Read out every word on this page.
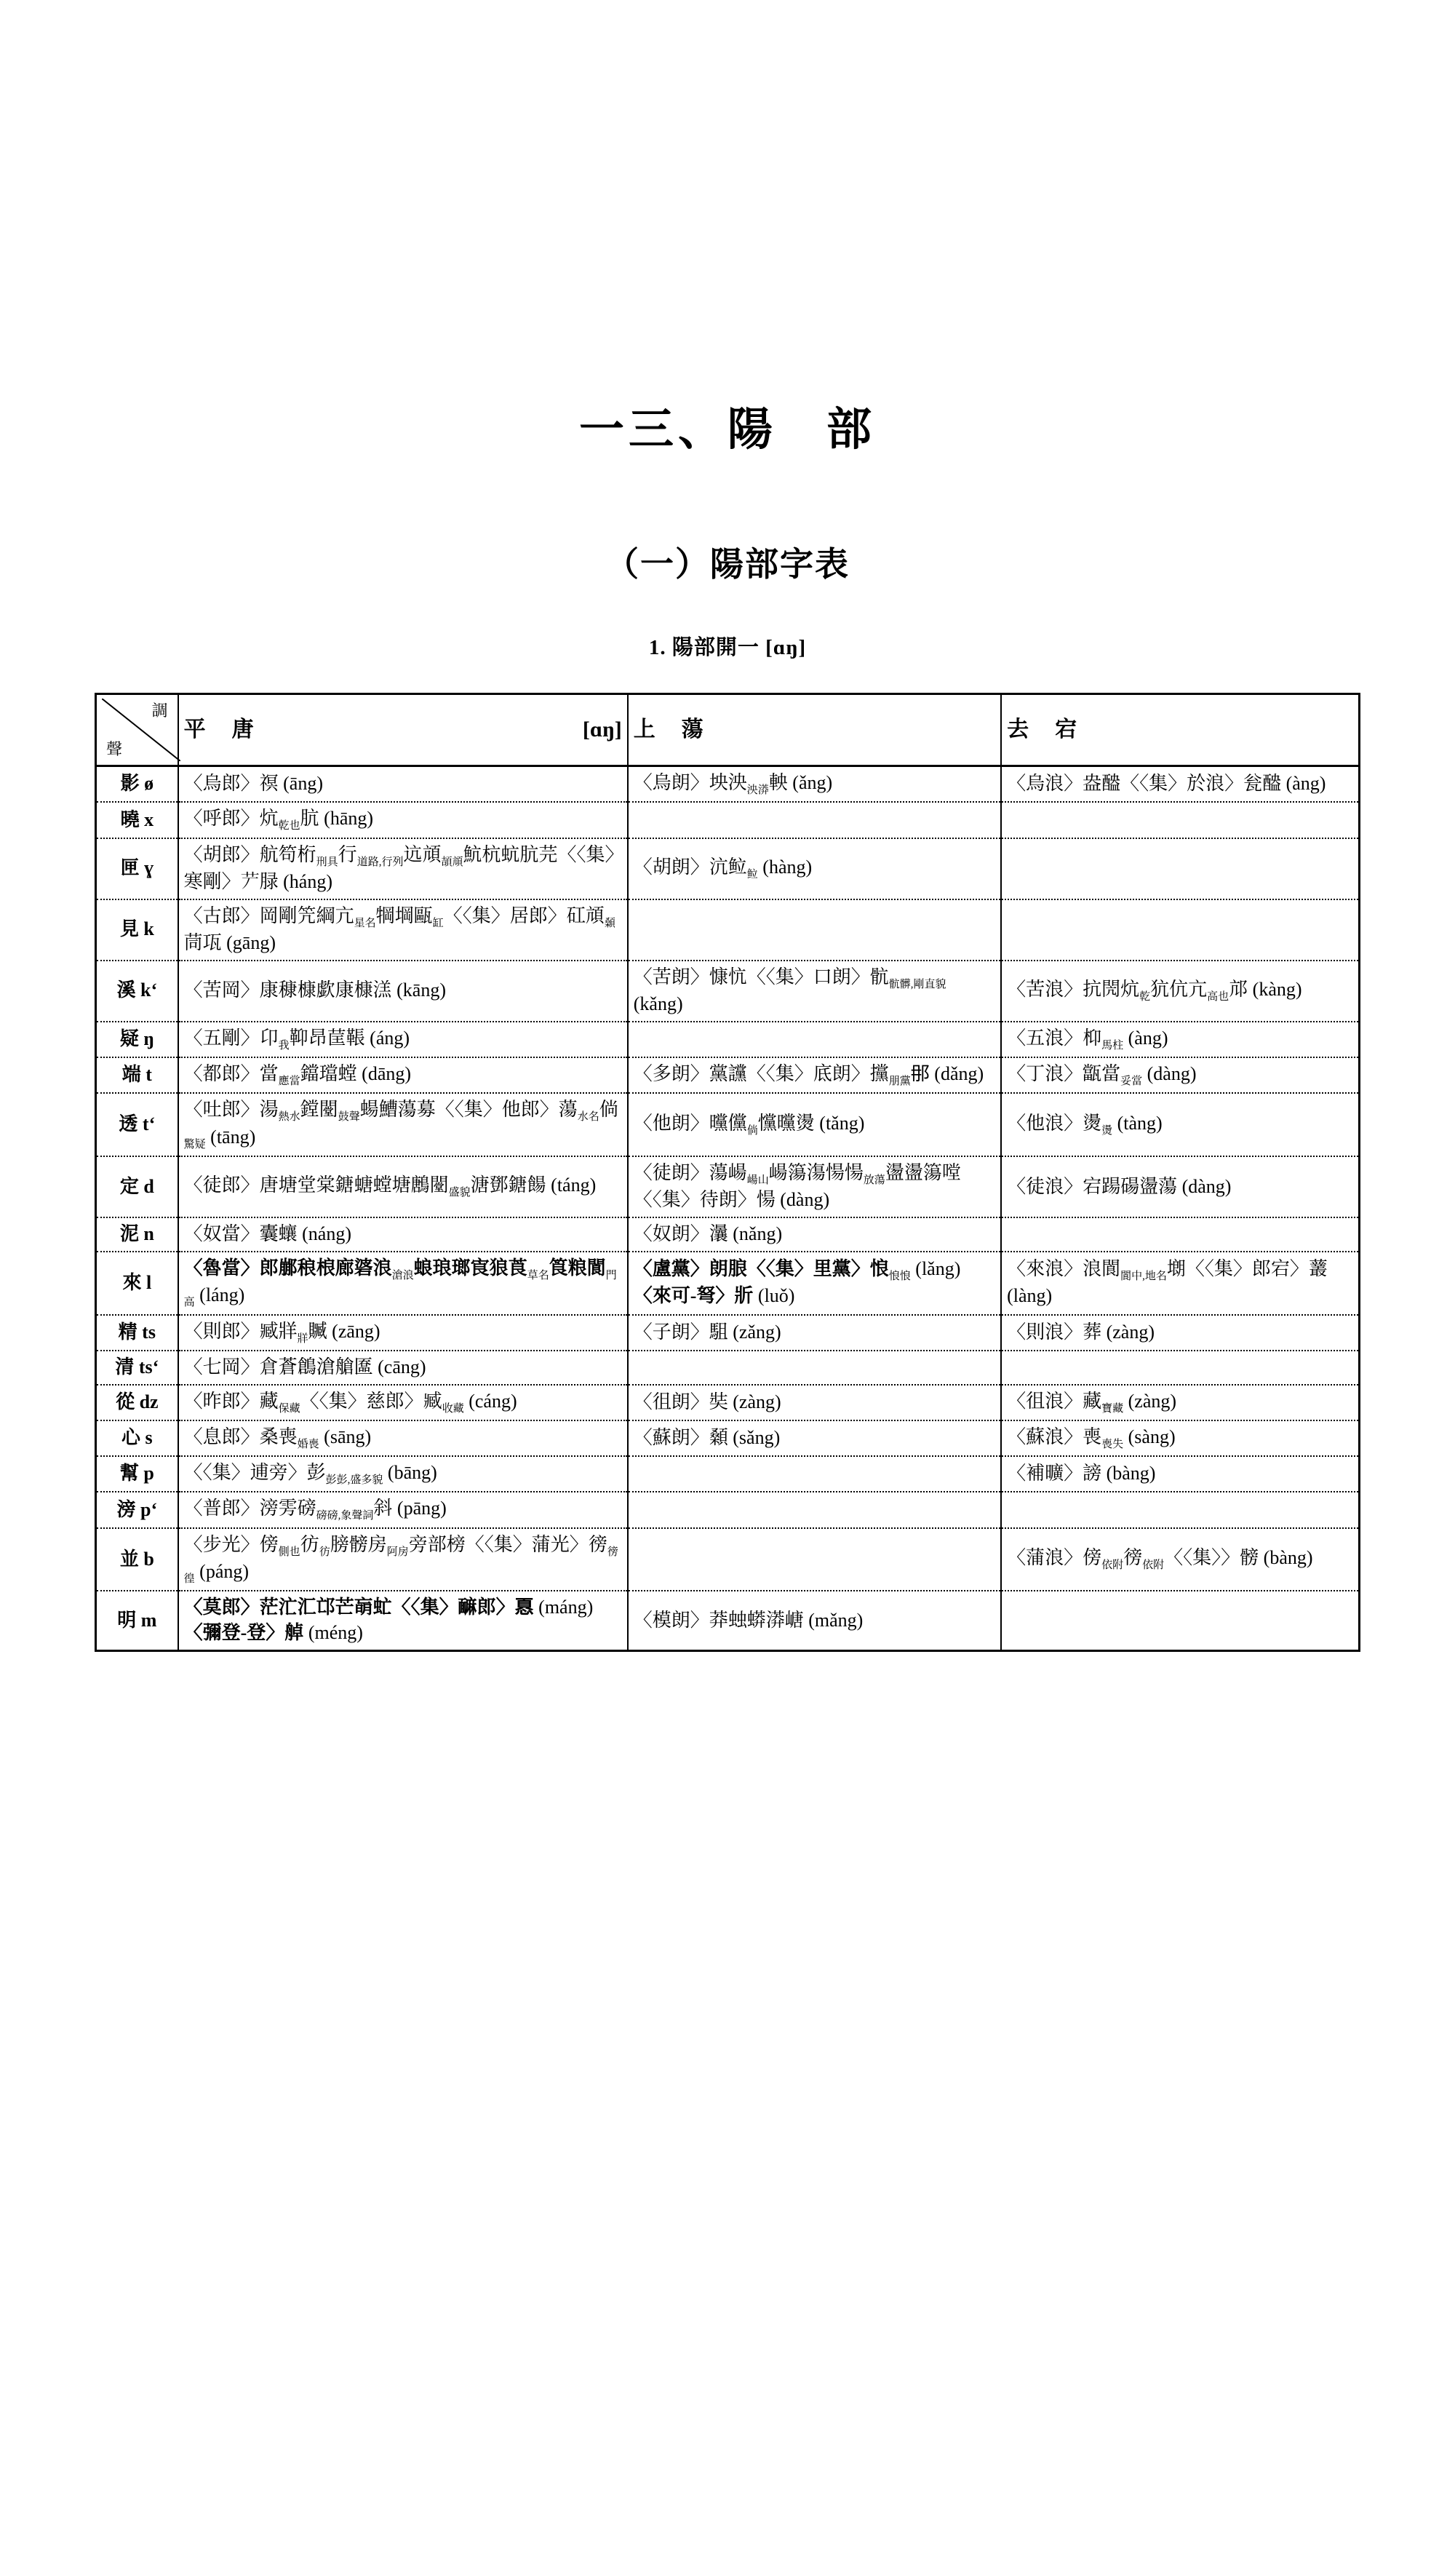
一三、陽　部
（一）陽部字表
1. 陽部開一 [ɑŋ]
調
聲	平 唐 [ɑŋ]	上 蕩	去 宕

影 ø	〈烏郎〉䄙 (āng)	〈烏朗〉坱泱$_{泱漭}$軮 (ǎng)	〈烏浪〉盎醠〈〈集〉於浪〉瓮醠 (àng)
曉 x	〈呼郎〉炕$_{乾也}$肮 (hāng)		
匣 ɣ	〈胡郎〉航笱桁$_{刑具}$行$_{道路,行列}$迒頏$_{頡頏}$魧杭蚢肮芫〈〈集〉寒剛〉𦫺䐂 (háng)	〈胡朗〉沆䲞$_䲞$ (hàng)	
見 k	〈古郎〉岡剛笐綱亢$_{星名}$犅堈甌$_缸$〈〈集〉居郎〉矼頏$_顙$茼瓨 (gāng)		
溪 kʻ	〈苦岡〉康穅槺歔康槺溔 (kāng)	〈苦朗〉慷忼〈〈集〉口朗〉骯$_{骯髒,剛直貌}$ (kǎng)	〈苦浪〉抗閌炕$_乾$犺伉亢$_{高也}$邟 (kàng)
疑 ŋ	〈五剛〉卬$_我$䩕昂䒰䩨 (áng)		〈五浪〉枊$_{馬柱}$ (àng)
端 t	〈都郎〉當$_{應當}$鐺璫螳 (dāng)	〈多朗〉黨讜〈〈集〉底朗〉攩$_{朋黨}$𨙻 (dǎng)	〈丁浪〉㽆當$_{妥當}$ (dàng)
透 tʻ	〈吐郎〉湯$_{熱水}$鏜闛$_{鼓聲}$蝪鰽蕩募〈〈集〉他郎〉蕩$_{水名}$倘$_{驚疑}$ (tāng)	〈他朗〉曭儻$_倘$戃曭燙 (tǎng)	〈他浪〉燙$_燙$ (tàng)
定 d	〈徒郎〉唐塘堂棠鎕螗螳塘鶶闛$_{盛貌}$溏鄧鎕餳 (táng)	〈徒朗〉蕩崵$_{崵山}$崵簜漡愓愓$_{放蕩}$盪盪簜嘡〈〈集〉待朗〉愓 (dàng)	〈徒浪〉宕踼碭盪蕩 (dàng)
泥 n	〈奴當〉囊蠰 (náng)	〈奴朗〉㶞 (nǎng)	
來 l	〈魯當〉郎䣙稂桹廊碆浪$_{滄浪}$蜋琅瑯㝗狼莨$_{草名}$筤粮閬$_{門高}$ (láng)	〈盧黨〉朗朖〈〈集〉里黨〉悢$_{悢悢}$ (lǎng)　〈來可-弩〉斨 (luǒ)	〈來浪〉浪閬$_{閬中,地名}$㙟〈〈集〉郎宕〉䕺 (làng)
精 ts	〈則郎〉臧牂$_牂$贓 (zāng)	〈子朗〉駔 (zǎng)	〈則浪〉葬 (zàng)
清 tsʻ	〈七岡〉倉蒼鶬滄艙匲 (cāng)		
從 dz	〈昨郎〉藏$_{保藏}$〈〈集〉慈郎〉臧$_{收藏}$ (cáng)	〈徂朗〉奘 (zàng)	〈徂浪〉藏$_{寶藏}$ (zàng)
心 s	〈息郎〉桑喪$_{婚喪}$ (sāng)	〈蘇朗〉顙 (sǎng)	〈蘇浪〉喪$_{喪失}$ (sàng)
幫 p	〈〈集〉逋旁〉彭$_{彭彭,盛多貌}$ (bāng)		〈補曠〉謗 (bàng)
滂 pʻ	〈普郎〉滂雱磅$_{磅磅,象聲詞}$斜 (pāng)		
並 b	〈步光〉傍$_{側也}$彷$_彷$膀髈房$_{阿房}$旁部榜〈〈集〉蒲光〉徬$_{徬徨}$ (páng)		〈蒲浪〉傍$_{依附}$徬$_{依附}$〈〈集〉〉髈 (bàng)
明 m	〈莫郎〉茫汒汇邙芒朚虻〈〈集〉䩋郎〉𢝊 (máng)〈彌登-登〉䑲 (méng)	〈模朗〉莽䖵蟒漭嵣 (mǎng)	
